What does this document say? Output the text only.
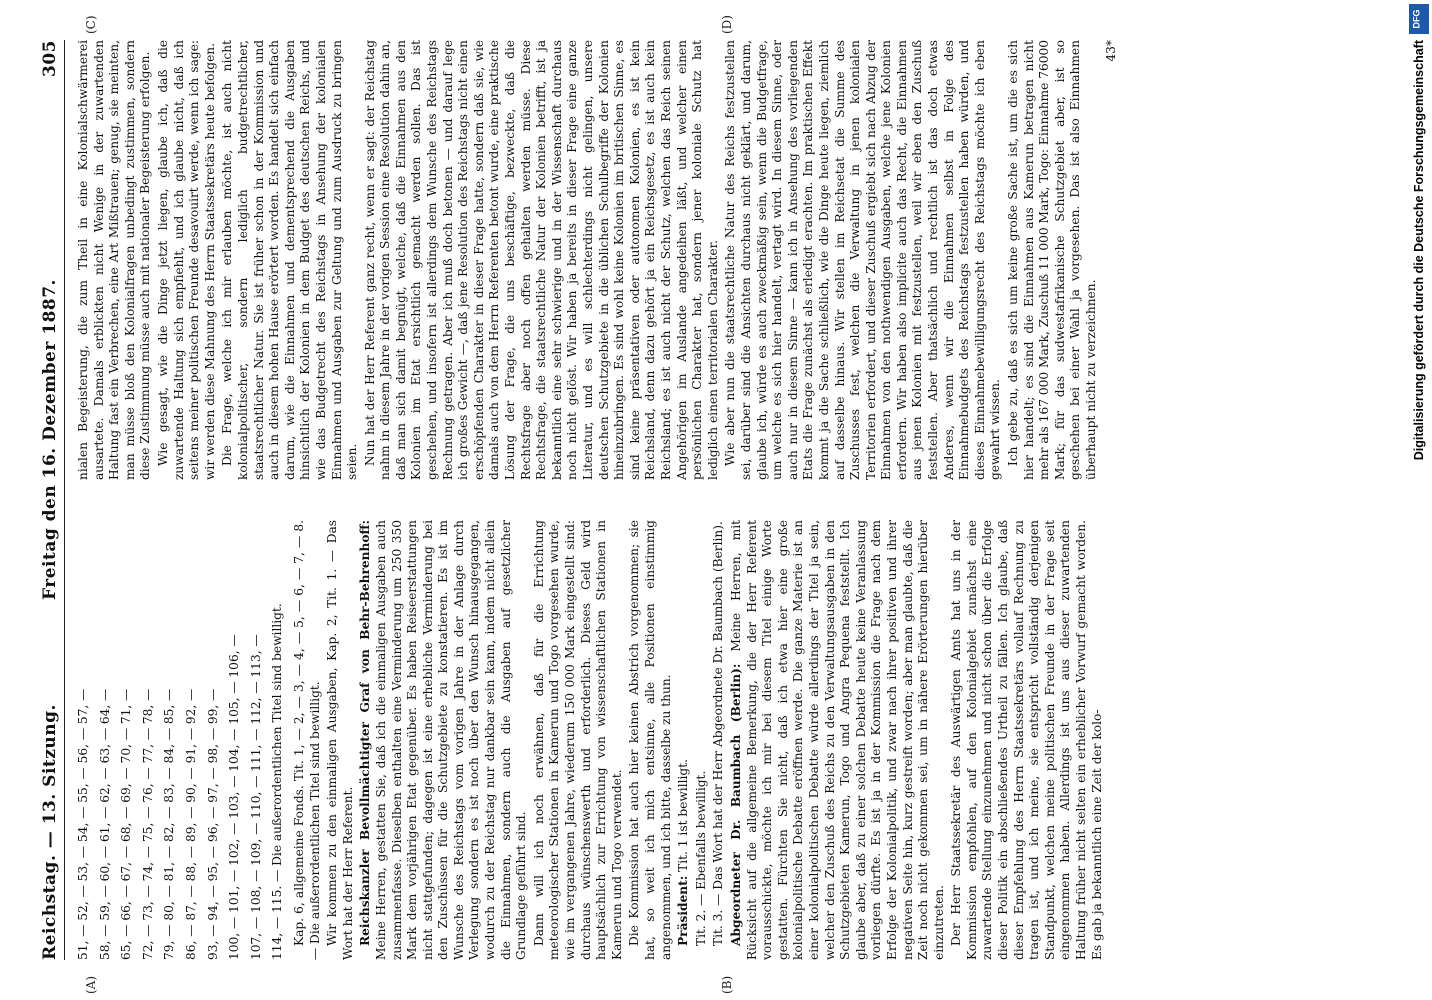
Reichstag. — 13. Sitzung.
Freitag den 16. Dezember 1887.
305
(A)	(B)
(C)	(D)
51, — 52, — 53, — 54, — 55, — 56, — 57, — 58, — 59, — 60, — 61, — 62, — 63, — 64, — 65, — 66, — 67, — 68, — 69, — 70, — 71, — 72, — 73, — 74, — 75, — 76, — 77, — 78, — 79, — 80, — 81, — 82, — 83, — 84, — 85, — 86, — 87, — 88, — 89, — 90, — 91, — 92, — 93, — 94, — 95, — 96, — 97, — 98, — 99, — 100, — 101, — 102, — 103, — 104, — 105, — 106, — 107, — 108, — 109, — 110, — 111, — 112, — 113, — 114, — 115. — Die außerordentlichen Titel sind bewilligt. Kap. 6, allgemeine Fonds. Tit. 1, — 2, — 3, — 4, — 5, — 6, — 7, — 8. — Die außerordentlichen Titel sind bewilligt. Wir kommen zu den einmaligen Ausgaben, Kap. 2, Tit. 1. — Das Wort hat der Herr Referent. Reichskanzler Bevollmächtigter Graf von Behr-Behrenhoff: Meine Herren, gestatten Sie, daß ich die einmaligen Ausgaben auch zusammenfasse. Dieselben enthalten eine Verminderung um 250 350 Mark dem vorjährigen Etat gegenüber. Es haben Reiseerstattungen nicht stattgefunden; dagegen ist eine erhebliche Verminderung bei den Zuschüssen für die Schutzgebiete zu konstatieren. Es ist im Wunsche des Reichstags vom vorigen Jahre in der Anlage durch Verlegung sondern es ist noch über den Wunsch hinausgegangen, wodurch zu der Reichstag nur dankbar sein kann, indem nicht allein die Einnahmen, sondern auch die Ausgaben auf gesetzlicher Grundlage geführt sind. Dann will ich noch erwähnen, daß für die Errichtung meteorologischer Stationen in Kamerun und Togo vorgesehen wurde, wie im vergangenen Jahre, wiederum 150 000 Mark eingestellt sind: durchaus wünschenswerth und erforderlich. Dieses Geld wird hauptsächlich zur Errichtung von wissenschaftlichen Stationen in Kamerun und Togo verwendet. Die Kommission hat auch hier keinen Abstrich vorgenommen; sie hat, so weit ich mich entsinne, alle Positionen einstimmig angenommen, und ich bitte, dasselbe zu thun. Präsident: Tit. 1 ist bewilligt. Tit. 2. — Ebenfalls bewilligt. Tit. 3. — Das Wort hat der Herr Abgeordnete Dr. Baumbach (Berlin). Abgeordneter Dr. Baumbach (Berlin): Meine Herren, mit Rücksicht auf die allgemeine Bemerkung, die der Herr Referent vorausschickte, möchte ich mir bei diesem Titel einige Worte gestatten. Fürchten Sie nicht, daß ich etwa hier eine große kolonialpolitische Debatte eröffnen werde. Die ganze Materie ist an einer kolonialpolitischen Debatte würde allerdings der Titel ja sein, welcher den Zuschuß des Reichs zu den Verwaltungsausgaben in den Schutzgebieten Kamerun, Togo und Angra Pequena feststellt. Ich glaube aber, daß zu einer solchen Debatte heute keine Veranlassung vorliegen dürfte. Es ist ja in der Kommission die Frage nach dem Erfolge der Kolonialpolitik, und zwar nach ihrer positiven und ihrer negativen Seite hin, kurz gestreift worden; aber man glaubte, daß die Zeit noch nicht gekommen sei, um in nähere Erörterungen hierüber einzutreten. Der Herr Staatssekretär des Auswärtigen Amts hat uns in der Kommission empfohlen, auf den Kolonialgebiet zunächst eine zuwartende Stellung einzunehmen und nicht schon über die Erfolge dieser Politik ein abschließendes Urtheil zu fällen. Ich glaube, daß dieser Empfehlung des Herrn Staatssekretärs vollauf Rechnung zu tragen ist, und ich meine, sie entspricht vollständig derjenigen Standpunkt, welchen meine politischen Freunde in der Frage seit eingenommen haben. Allerdings ist uns aus dieser zuwartenden Haltung früher nicht selten ein erheblicher Vorwurf gemacht worden. Es gab ja bekanntlich eine Zeit der kolo-

nialen Begeisterung, die zum Theil in eine Kolonialschwärmerei ausartete. Damals erblickten nicht Wenige in der zuwartenden Haltung fast ein Verbrechen, eine Art Mißtrauen; genug, sie meinten, man müsse bloß den Kolonialfragen unbedingt zustimmen, sondern diese Zustimmung müsse auch mit nationaler Begeisterung erfolgen. Wie gesagt, wie die Dinge jetzt liegen, glaube ich, daß die zuwartende Haltung sich empfiehlt, und ich glaube nicht, daß ich seitens meiner politischen Freunde desavouirt werde, wenn ich sage: wir werden diese Mahnung des Herrn Staatssekretärs heute befolgen. Die Frage, welche ich mir erlauben möchte, ist auch nicht kolonialpolitischer, sondern lediglich budgetrechtlicher, staatsrechtlicher Natur. Sie ist früher schon in der Kommission und auch in diesem hohen Hause erörtert worden. Es handelt sich einfach darum, wie die Einnahmen und dementsprechend die Ausgaben hinsichtlich der Kolonien in dem Budget des deutschen Reichs, und wie das Budgetrecht des Reichstags in Ansehung der kolonialen Einnahmen und Ausgaben zur Geltung und zum Ausdruck zu bringen seien. Nun hat der Herr Referent ganz recht, wenn er sagt: der Reichstag nahm in diesem Jahre in der vorigen Session eine Resolution dahin an, daß man sich damit begnügt, welche, daß die Einnahmen aus den Kolonien im Etat ersichtlich gemacht werden sollen. Das ist geschehen, und insofern ist allerdings dem Wunsche des Reichstags Rechnung getragen. Aber ich muß doch betonen — und darauf lege ich großes Gewicht —, daß jene Resolution des Reichstags nicht einen erschöpfenden Charakter in dieser Frage hatte, sondern daß sie, wie damals auch von dem Herrn Referenten betont wurde, eine praktische Lösung der Frage, die uns beschäftige, bezweckte, daß die Rechtsfrage aber noch offen gehalten werden müsse. Diese Rechtsfrage, die staatsrechtliche Natur der Kolonien betrifft, ist ja bekanntlich eine sehr schwierige und in der Wissenschaft durchaus noch nicht gelöst. Wir haben ja bereits in dieser Frage eine ganze Literatur, und es will schlechterdings nicht gelingen, unsere deutschen Schutzgebiete in die üblichen Schulbegriffe der Kolonien hineinzubringen. Es sind wohl keine Kolonien im britischen Sinne, es sind keine präsentativen oder autonomen Kolonien, es ist kein Reichsland, denn dazu gehört ja ein Reichsgesetz, es ist auch kein Reichsland; es ist auch nicht der Schutz, welchen das Reich seinen Angehörigen im Auslande angedeihen läßt, und welcher einen persönlichen Charakter hat, sondern jener koloniale Schutz hat lediglich einen territorialen Charakter. Wie aber nun die staatsrechtliche Natur des Reichs festzustellen sei, darüber sind die Ansichten durchaus nicht geklärt, und darum, glaube ich, würde es auch zweckmäßig sein, wenn die Budgetfrage, um welche es sich hier handelt, vertagt wird. In diesem Sinne, oder auch nur in diesem Sinne — kann ich in Ansehung des vorliegenden Etats die Frage zunächst als erledigt erachten. Im praktischen Effekt kommt ja die Sache schließlich, wie die Dinge heute liegen, ziemlich auf dasselbe hinaus. Wir stellen im Reichsetat die Summe des Zuschusses fest, welchen die Verwaltung in jenen kolonialen Territorien erfordert, und dieser Zuschuß ergiebt sich nach Abzug der Einnahmen von den nothwendigen Ausgaben, welche jene Kolonien erfordern. Wir haben also implicite auch das Recht, die Einnahmen aus jenen Kolonien mit festzustellen, weil wir eben den Zuschuß feststellen. Aber thatsächlich und rechtlich ist das doch etwas Anderes, wenn wir die Einnahmen selbst in Folge des Einnahmebudgets des Reichstags festzustellen haben würden, und dieses Einnahmebewilligungsrecht des Reichstags möchte ich eben gewahrt wissen. Ich gebe zu, daß es sich um keine große Sache ist, um die es sich hier handelt; es sind die Einnahmen aus Kamerun betragen nicht mehr als 167 000 Mark, Zuschuß 11 000 Mark, Togo: Einnahme 76000 Mark; für das sudwestafrikanische Schutzgebiet aber, ist so geschehen bei einer Wahl ja vorgesehen. Das ist also Einnahmen überhaupt nicht zu verzeichnen.

43*

DFG
Digitalisierung gefördert durch die Deutsche Forschungsgemeinschaft
